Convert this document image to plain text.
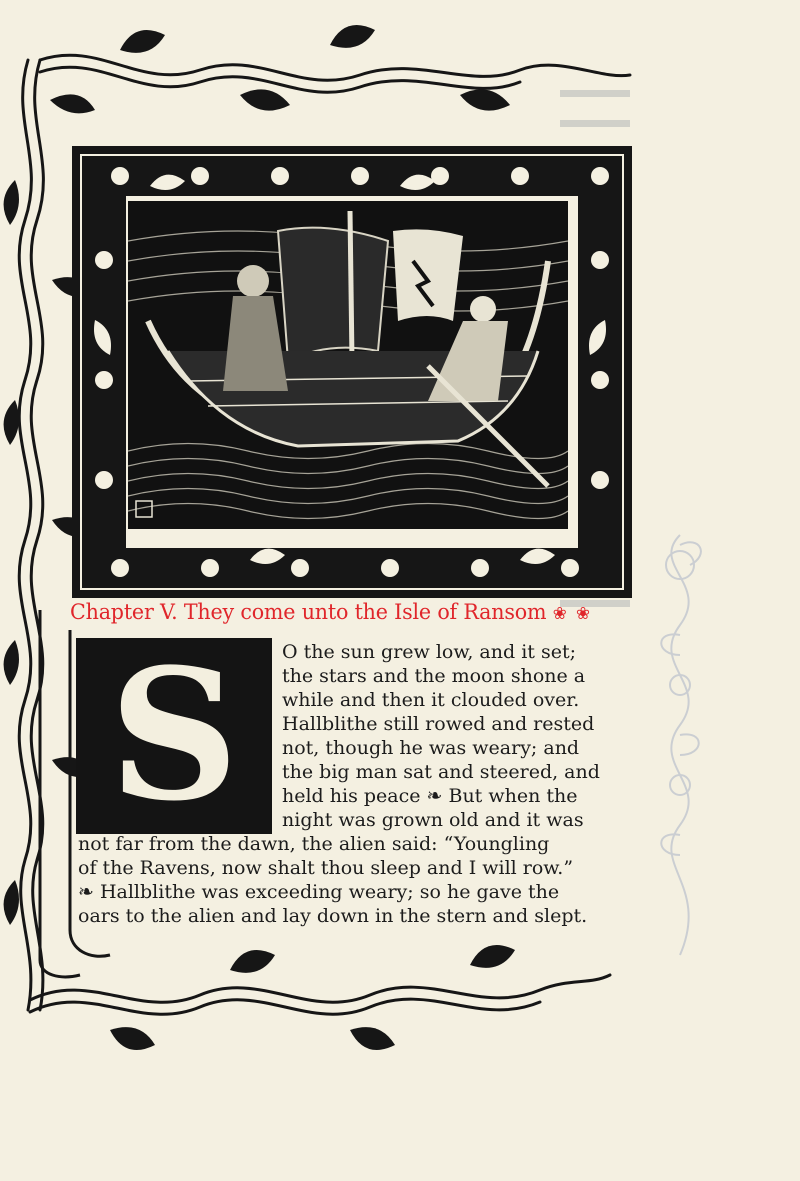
Chapter V. They come unto the Isle of Ransom ❀ ❀
S	O the sun grew low, and it set;
the stars and the moon shone a
while and then it clouded over.
Hallblithe still rowed and rested
not, though he was weary; and
the big man sat and steered, and
held his peace ❧ But when the
night was grown old and it was
not far from the dawn, the alien said: “Youngling
of the Ravens, now shalt thou sleep and I will row.”
❧ Hallblithe was exceeding weary; so he gave the
oars to the alien and lay down in the stern and slept.
